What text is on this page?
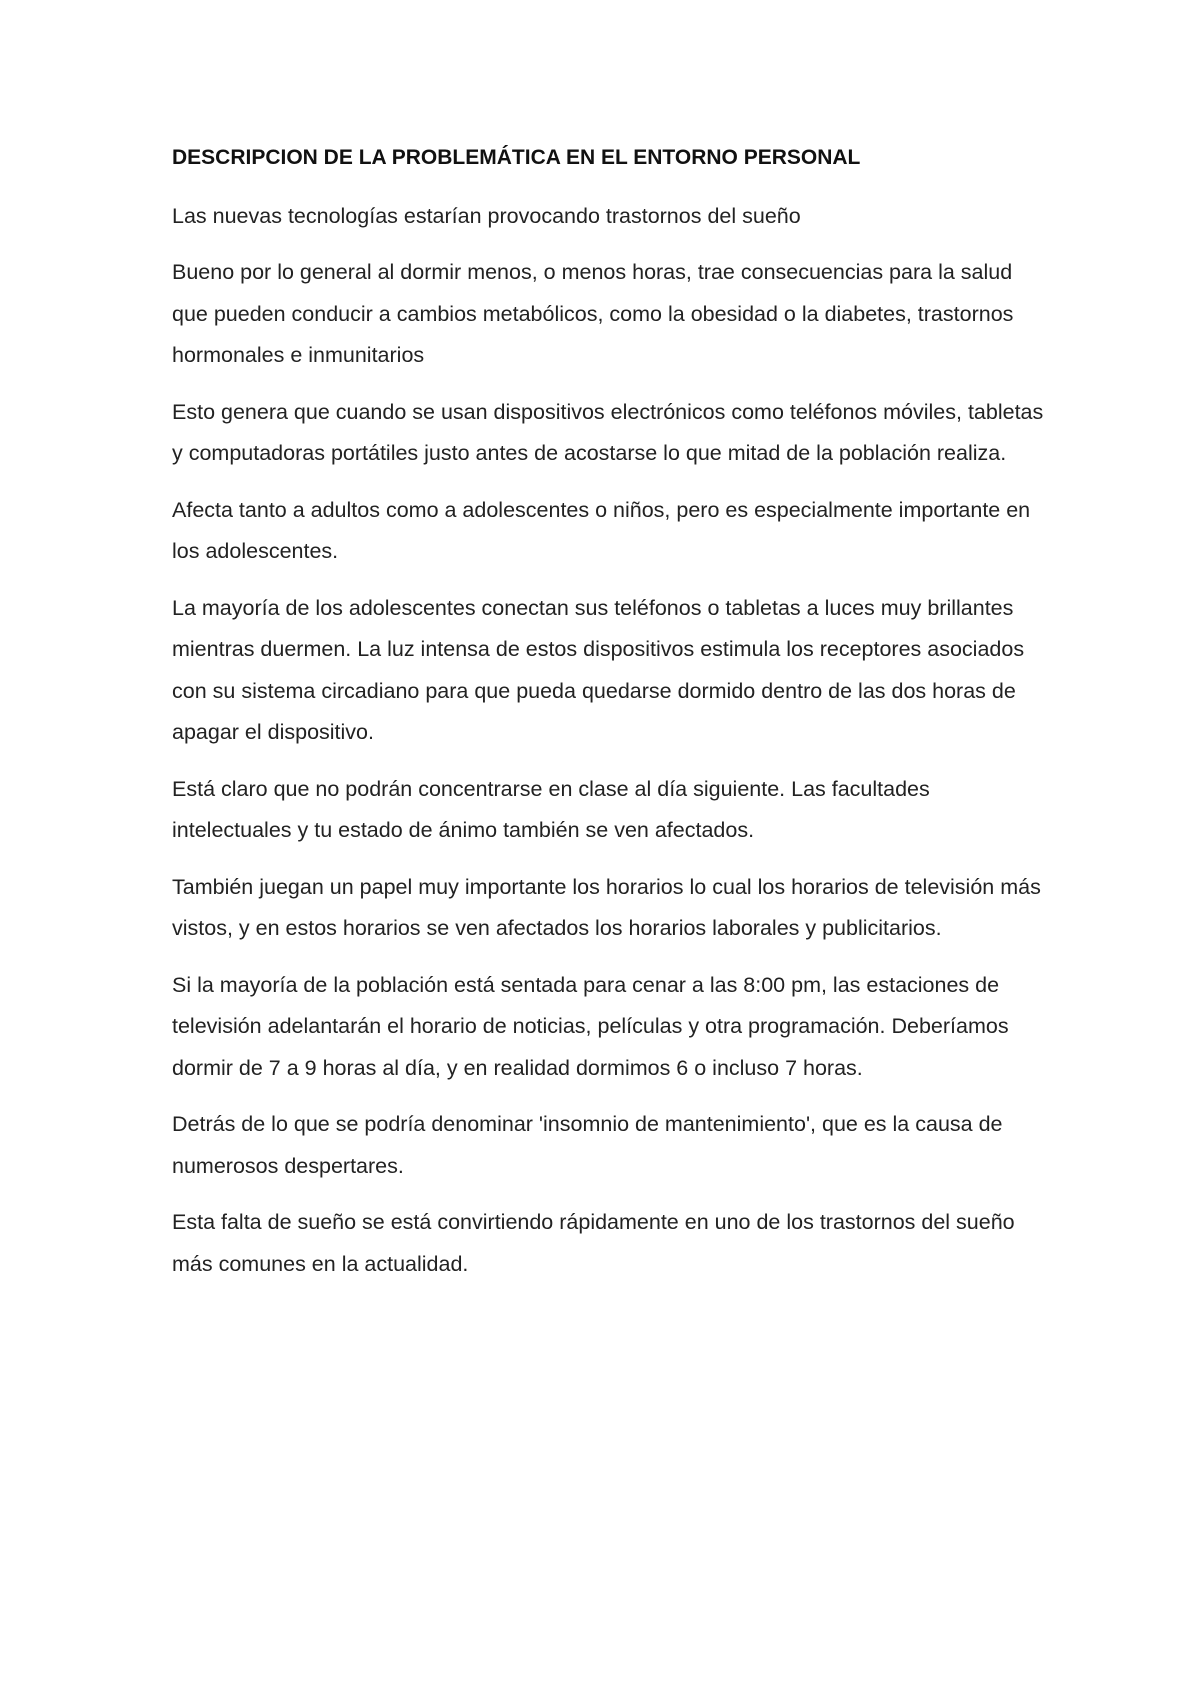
DESCRIPCION DE LA PROBLEMÁTICA EN EL ENTORNO PERSONAL

Las nuevas tecnologías estarían provocando trastornos del sueño

Bueno por lo general al dormir menos, o menos horas, trae consecuencias para la salud que pueden conducir a cambios metabólicos, como la obesidad o la diabetes, trastornos hormonales e inmunitarios

Esto genera que cuando se usan dispositivos electrónicos como teléfonos móviles, tabletas y computadoras portátiles justo antes de acostarse lo que mitad de la población realiza.

Afecta tanto a adultos como a adolescentes o niños, pero es especialmente importante en los adolescentes.

La mayoría de los adolescentes conectan sus teléfonos o tabletas a luces muy brillantes mientras duermen. La luz intensa de estos dispositivos estimula los receptores asociados con su sistema circadiano para que pueda quedarse dormido dentro de las dos horas de apagar el dispositivo.

Está claro que no podrán concentrarse en clase al día siguiente. Las facultades intelectuales y tu estado de ánimo también se ven afectados.

También juegan un papel muy importante los horarios lo cual los horarios de televisión más vistos, y en estos horarios se ven afectados los horarios laborales y publicitarios.

Si la mayoría de la población está sentada para cenar a las 8:00 pm, las estaciones de televisión adelantarán el horario de noticias, películas y otra programación. Deberíamos dormir de 7 a 9 horas al día, y en realidad dormimos 6 o incluso 7 horas.

Detrás de lo que se podría denominar 'insomnio de mantenimiento', que es la causa de numerosos despertares.

Esta falta de sueño se está convirtiendo rápidamente en uno de los trastornos del sueño más comunes en la actualidad.
